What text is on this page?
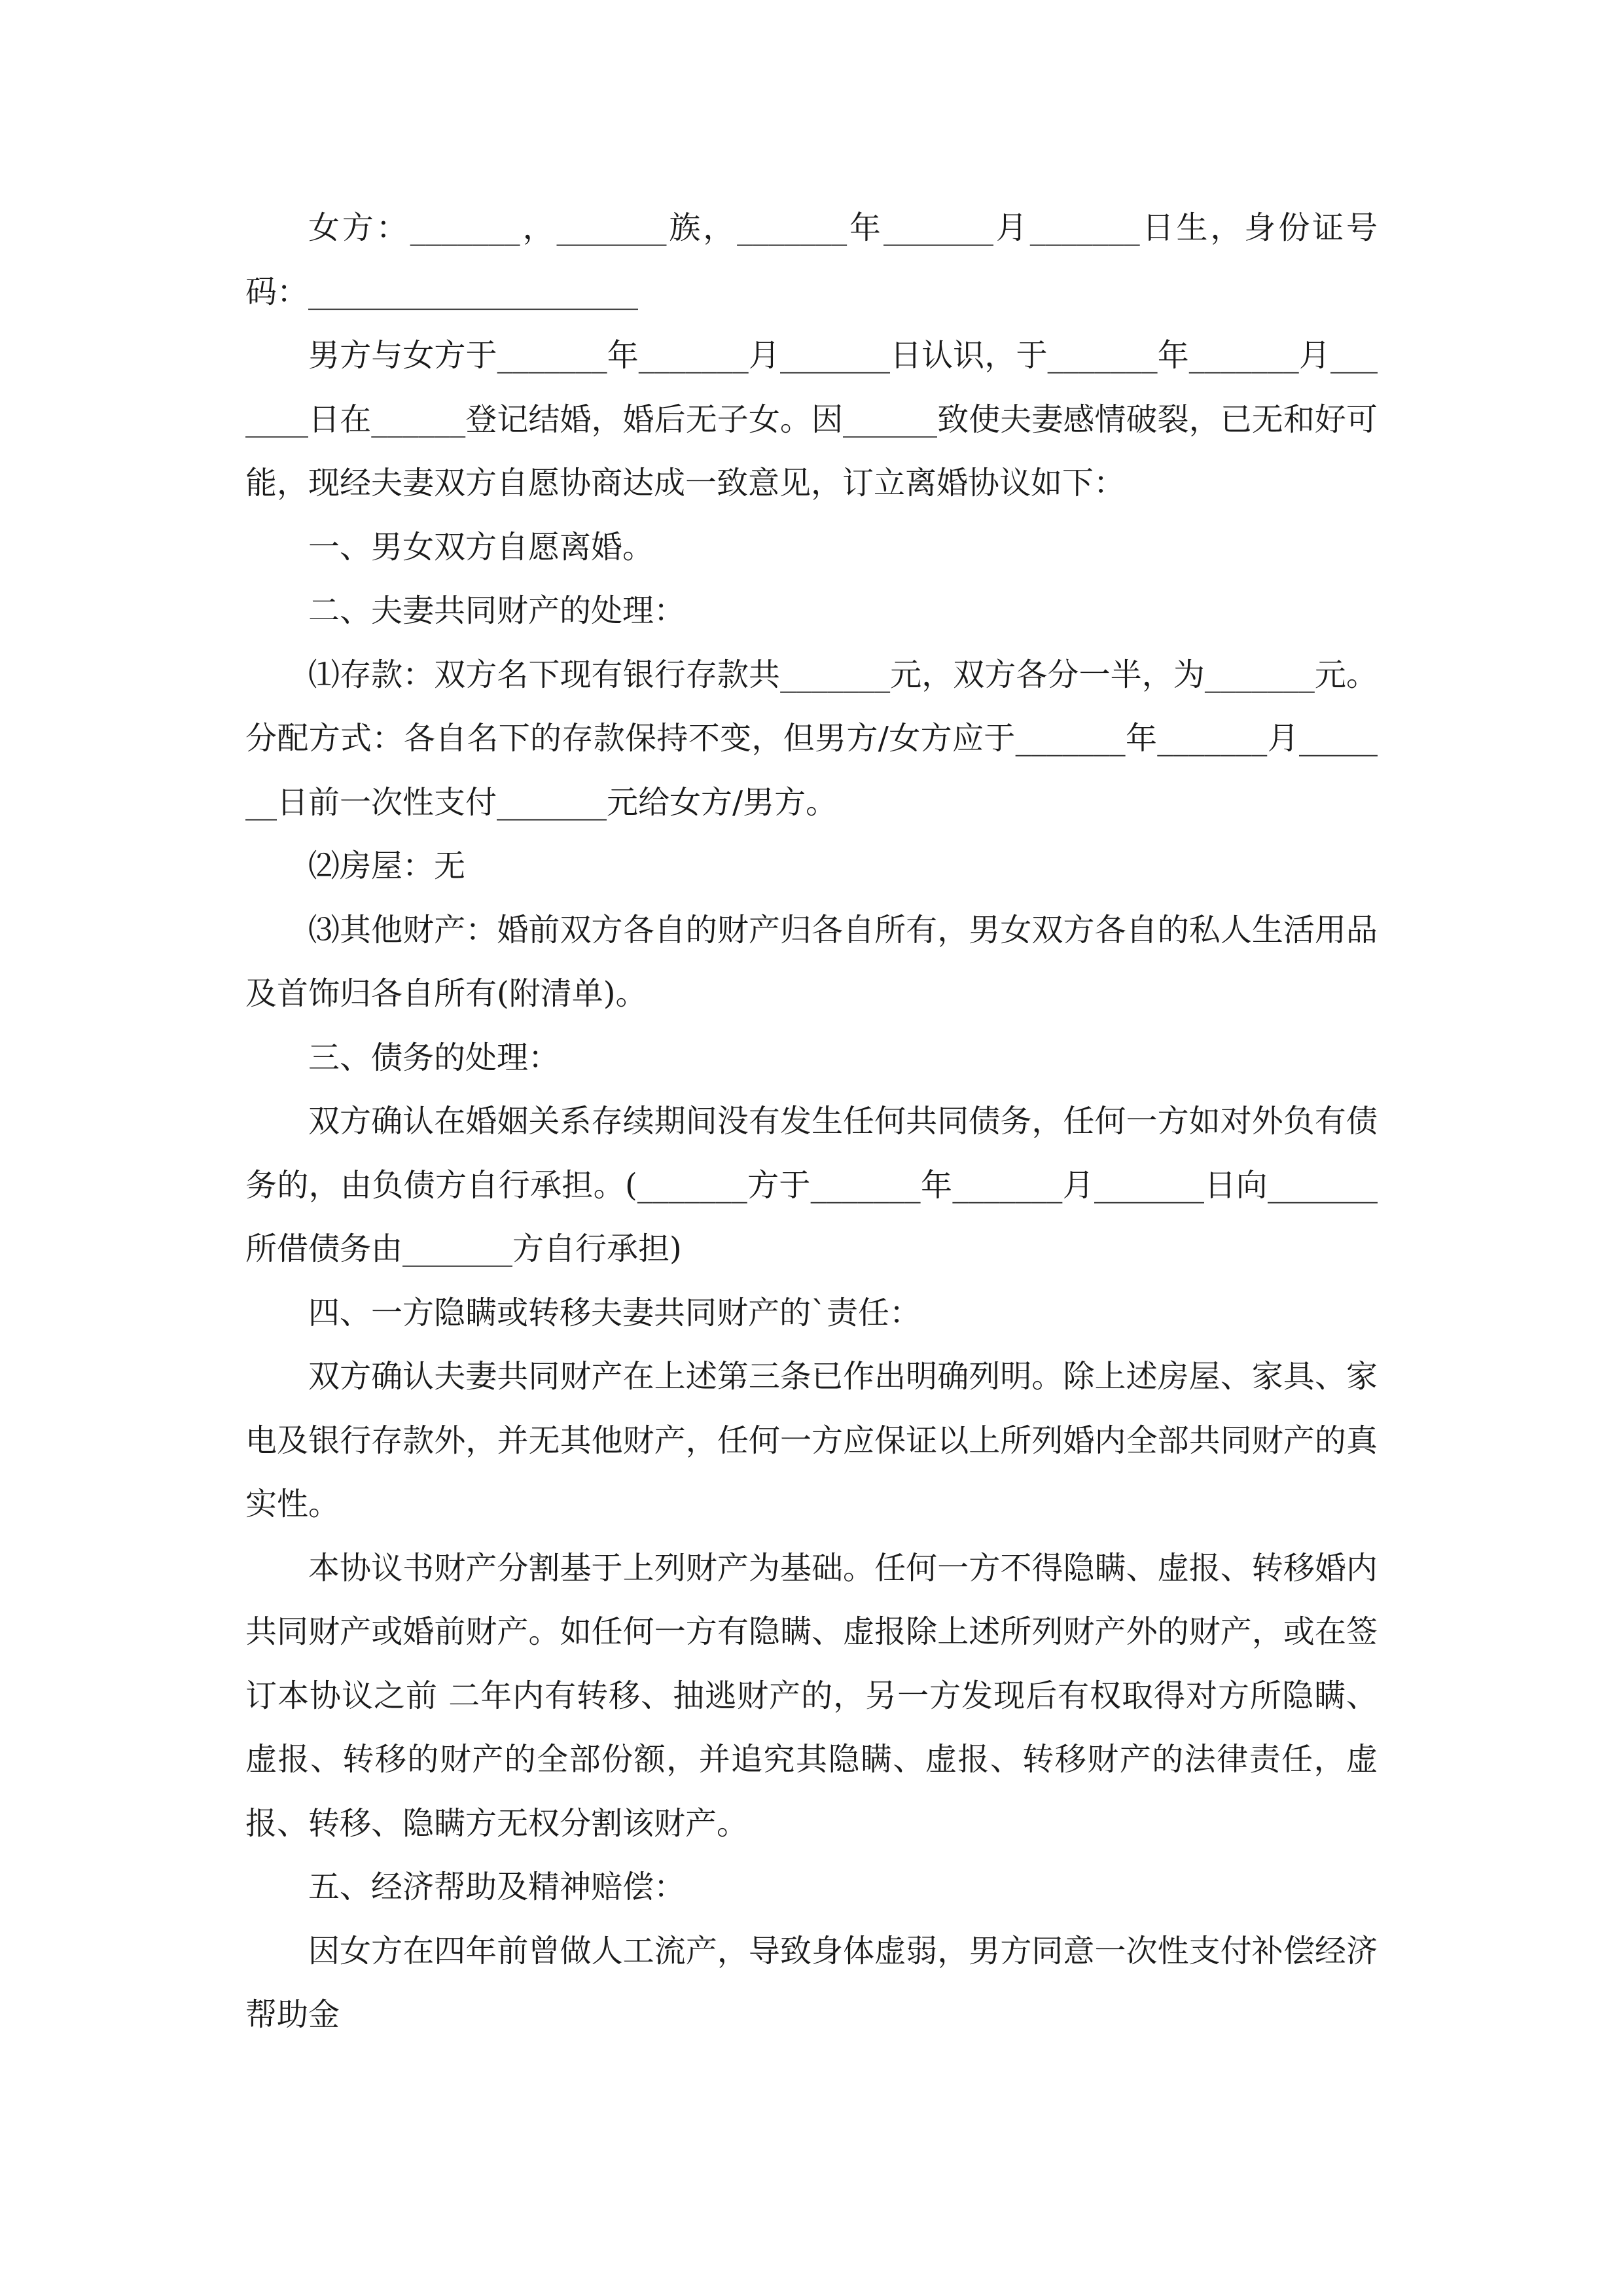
女方：_______，_______族，_______年_______月_______日生，身份证号码：_____________________

男方与女方于_______年_______月_______日认识，于_______年_______月_______日在______登记结婚，婚后无子女。因______致使夫妻感情破裂，已无和好可能，现经夫妻双方自愿协商达成一致意见，订立离婚协议如下：

一、男女双方自愿离婚。

二、夫妻共同财产的处理：

⑴存款：双方名下现有银行存款共_______元，双方各分一半，为_______元。分配方式：各自名下的存款保持不变，但男方/女方应于_______年_______月_______日前一次性支付_______元给女方/男方。

⑵房屋：无

⑶其他财产：婚前双方各自的财产归各自所有，男女双方各自的私人生活用品及首饰归各自所有(附清单)。

三、债务的处理：

双方确认在婚姻关系存续期间没有发生任何共同债务，任何一方如对外负有债务的，由负债方自行承担。(_______方于_______年_______月_______日向_______所借债务由_______方自行承担)

四、一方隐瞒或转移夫妻共同财产的`责任：

双方确认夫妻共同财产在上述第三条已作出明确列明。除上述房屋、家具、家电及银行存款外，并无其他财产，任何一方应保证以上所列婚内全部共同财产的真实性。

本协议书财产分割基于上列财产为基础。任何一方不得隐瞒、虚报、转移婚内共同财产或婚前财产。如任何一方有隐瞒、虚报除上述所列财产外的财产，或在签订本协议之前 二年内有转移、抽逃财产的，另一方发现后有权取得对方所隐瞒、虚报、转移的财产的全部份额，并追究其隐瞒、虚报、转移财产的法律责任，虚报、转移、隐瞒方无权分割该财产。

五、经济帮助及精神赔偿：

因女方在四年前曾做人工流产，导致身体虚弱，男方同意一次性支付补偿经济帮助金
